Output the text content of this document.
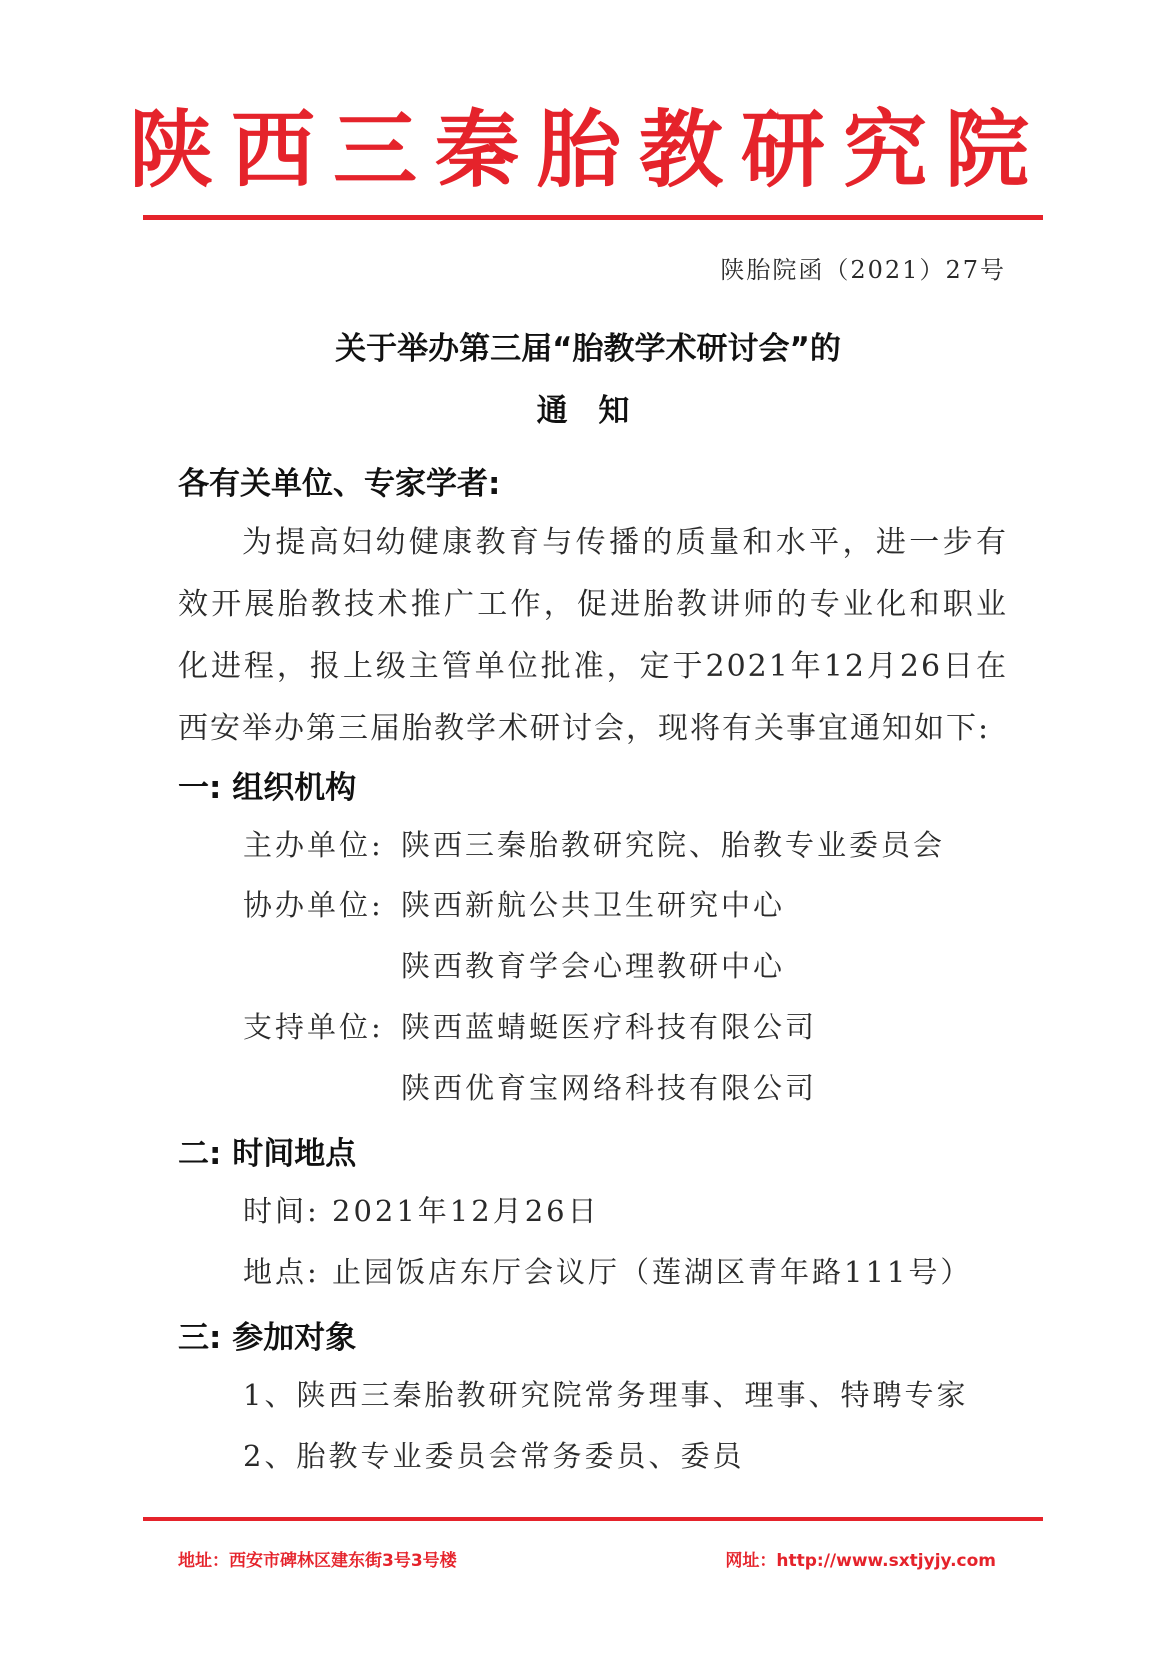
陕西三秦胎教研究院
陕胎院函（2021）27号
关于举办第三届“胎教学术研讨会”的
通 知
各有关单位、专家学者:
为提高妇幼健康教育与传播的质量和水平，进一步有效开展胎教技术推广工作，促进胎教讲师的专业化和职业化进程，报上级主管单位批准，定于2021年12月26日在西安举办第三届胎教学术研讨会，现将有关事宜通知如下:
一: 组织机构
主办单位: 陕西三秦胎教研究院、胎教专业委员会
协办单位: 陕西新航公共卫生研究中心
陕西教育学会心理教研中心
支持单位: 陕西蓝蜻蜓医疗科技有限公司
陕西优育宝网络科技有限公司
二: 时间地点
时间: 2021年12月26日
地点: 止园饭店东厅会议厅（莲湖区青年路111号）
三: 参加对象
1、陕西三秦胎教研究院常务理事、理事、特聘专家
2、胎教专业委员会常务委员、委员
地址：西安市碑林区建东街3号3号楼	网址：http://www.sxtjyjy.com
